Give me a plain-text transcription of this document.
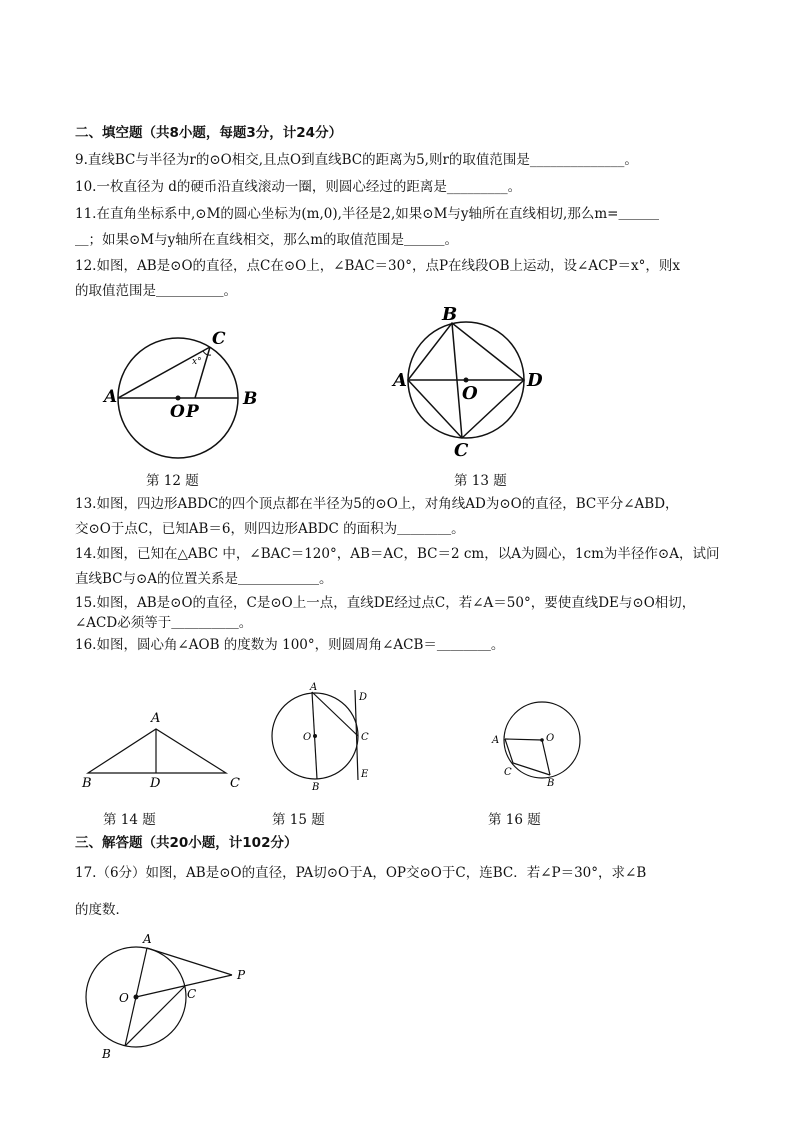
二、填空题（共8小题，每题3分，计24分）
9.直线BC与半径为r的⊙O相交,且点O到直线BC的距离为5,则r的取值范围是______________。
10.一枚直径为 d的硬币沿直线滚动一圈，则圆心经过的距离是_________。
11.在直角坐标系中,⊙M的圆心坐标为(m,0),半径是2,如果⊙M与y轴所在直线相切,那么m=＿＿＿
＿；如果⊙M与y轴所在直线相交，那么m的取值范围是＿＿＿。
12.如图，AB是⊙O的直径，点C在⊙O上，∠BAC＝30°，点P在线段OB上运动，设∠ACP＝x°，则x
的取值范围是＿＿＿＿＿。
A	B
C
O P
x°
第 12 题
A
B
C
D
O
第 13 题
13.如图，四边形ABDC的四个顶点都在半径为5的⊙O上，对角线AD为⊙O的直径，BC平分∠ABD，
交⊙O于点C，已知AB＝6，则四边形ABDC 的面积为＿＿＿＿。
14.如图，已知在△ABC 中，∠BAC＝120°，AB＝AC，BC＝2 cm，以A为圆心，1cm为半径作⊙A，试问
直线BC与⊙A的位置关系是＿＿＿＿＿＿。
15.如图，AB是⊙O的直径，C是⊙O上一点，直线DE经过点C，若∠A＝50°，要使直线DE与⊙O相切，
∠ACD必须等于＿＿＿＿＿。
16.如图，圆心角∠AOB 的度数为 100°，则圆周角∠ACB＝＿＿＿＿。
A
B	C
D
第 14 题
A
B
C
D
E
O
第 15 题
A
B
C
O
第 16 题
三、解答题（共20小题，计102分）
17.（6分）如图，AB是⊙O的直径，PA切⊙O于A，OP交⊙O于C，连BC．若∠P＝30°，求∠B
的度数．
A
B
C
O
P
